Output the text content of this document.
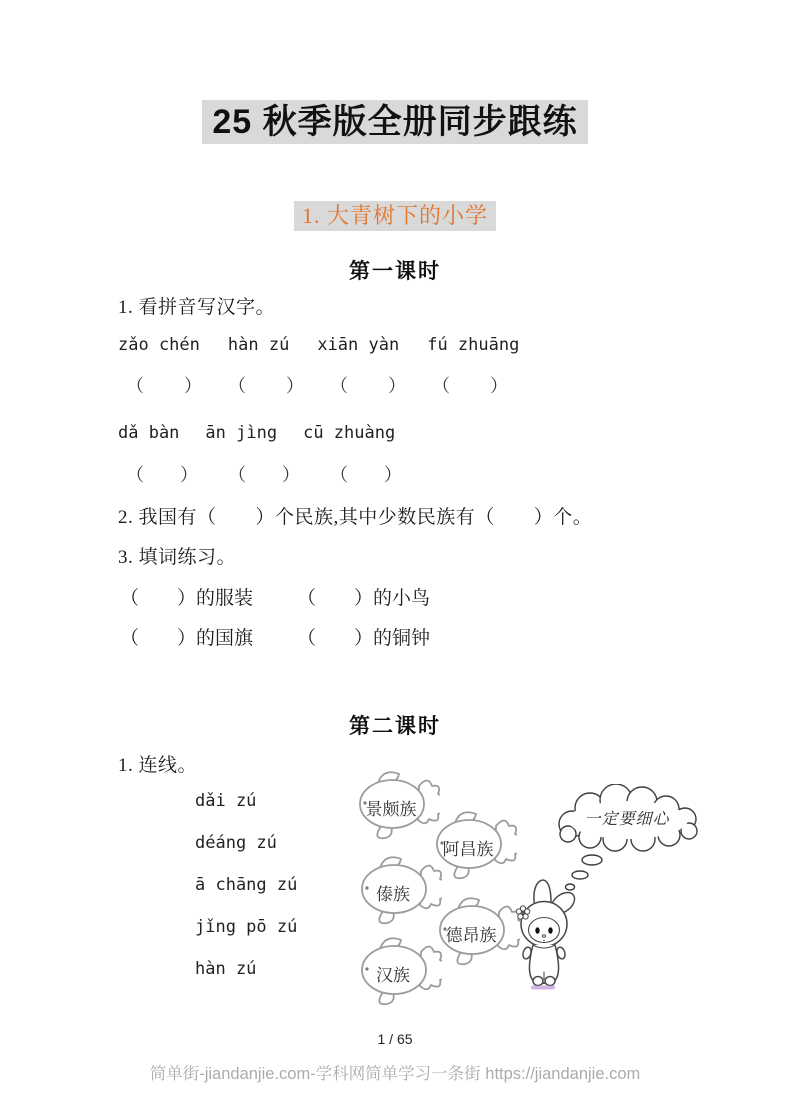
25 秋季版全册同步跟练
1. 大青树下的小学
第一课时
1. 看拼音写汉字。
zǎo chén hàn zú xiān yàn fú zhuāng
（ ） （ ） （ ） （ ）
dǎ bàn ān jìng cū zhuàng
（ ） （ ） （ ）
2. 我国有（　　）个民族,其中少数民族有（　　）个。
3. 填词练习。
（　　）的服装 （　　）的小鸟
（　　）的国旗 （　　）的铜钟
第二课时
1. 连线。
dǎi zú
déáng zú
ā chāng zú
jǐng pō zú
hàn zú
景颇族
阿昌族
傣族
德昂族
汉族
一定要细心
1 / 65
简单街-jiandanjie.com-学科网简单学习一条街 https://jiandanjie.com
